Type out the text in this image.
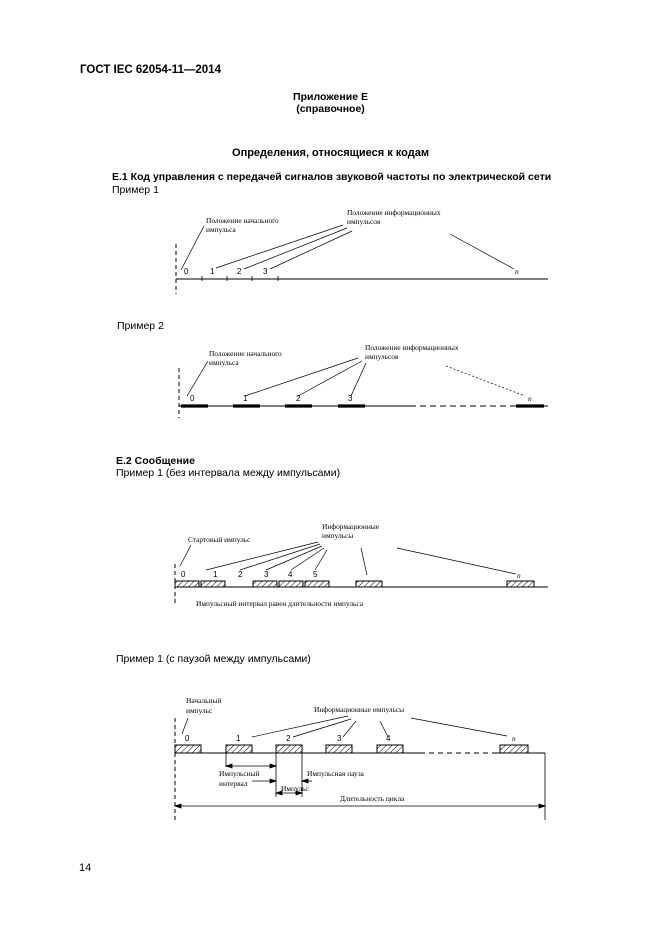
ГОСТ IEC 62054-11—2014
Приложение Е
(справочное)
Определения, относящиеся к кодам
Е.1 Код управления с передачей сигналов звуковой частоты по электрической сети
Пример 1
Пример 2
Е.2 Сообщение
Пример 1 (без интервала между импульсами)
Пример 1 (с паузой между импульсами)
14
Положение начального
импульса
Положение информационных
импульсов
0	1	2	3	n
Положение начального
импульса
Положение информационных
импульсов
0	1	2	3	n
Стартовый импульс
Информационные
импульсы
0	1	2	3 4	5	n
Импульсный интервал равен длительности импульса
Начальный
импульс	Информационные импульсы
0	1	2	3	4	n
Импульсный
интервал
Импульсная пауза
Импульс
Длительность цикла
